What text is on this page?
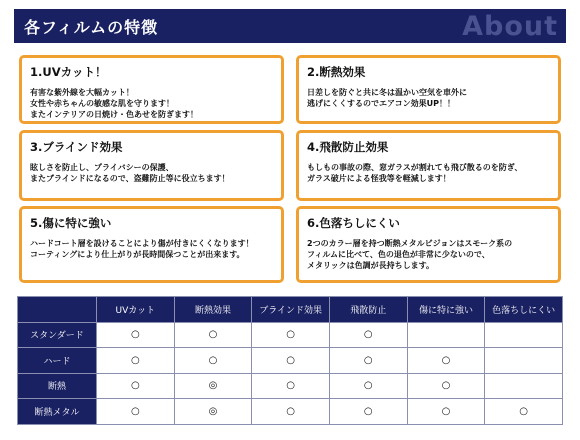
各フィルムの特徴	About
1.UVカット！
有害な紫外線を大幅カット！
女性や赤ちゃんの敏感な肌を守ります！
またインテリアの日焼け・色あせを防ぎます！
2.断熱効果
日差しを防ぐと共に冬は温かい空気を車外に
逃げにくくするのでエアコン効果UP！！
3.ブラインド効果
眩しさを防止し、プライバシーの保護、
またブラインドになるので、盗難防止等に役立ちます！
4.飛散防止効果
もしもの事故の際、窓ガラスが割れても飛び散るのを防ぎ、
ガラス破片による怪我等を軽減します！
5.傷に特に強い
ハードコート層を設けることにより傷が付きにくくなります！
コーティングにより仕上がりが長時間保つことが出来ます。
6.色落ちしにくい
2つのカラー層を持つ断熱メタルビジョンはスモーク系の
フィルムに比べて、色の退色が非常に少ないので、
メタリックは色調が長持ちします。
	UVカット	断熱効果	ブラインド効果	飛散防止	傷に特に強い	色落ちしにくい
スタンダード	○	○	○	○		
ハード	○	○	○	○	○	
断熱	○	◎	○	○	○	
断熱メタル	○	◎	○	○	○	○
